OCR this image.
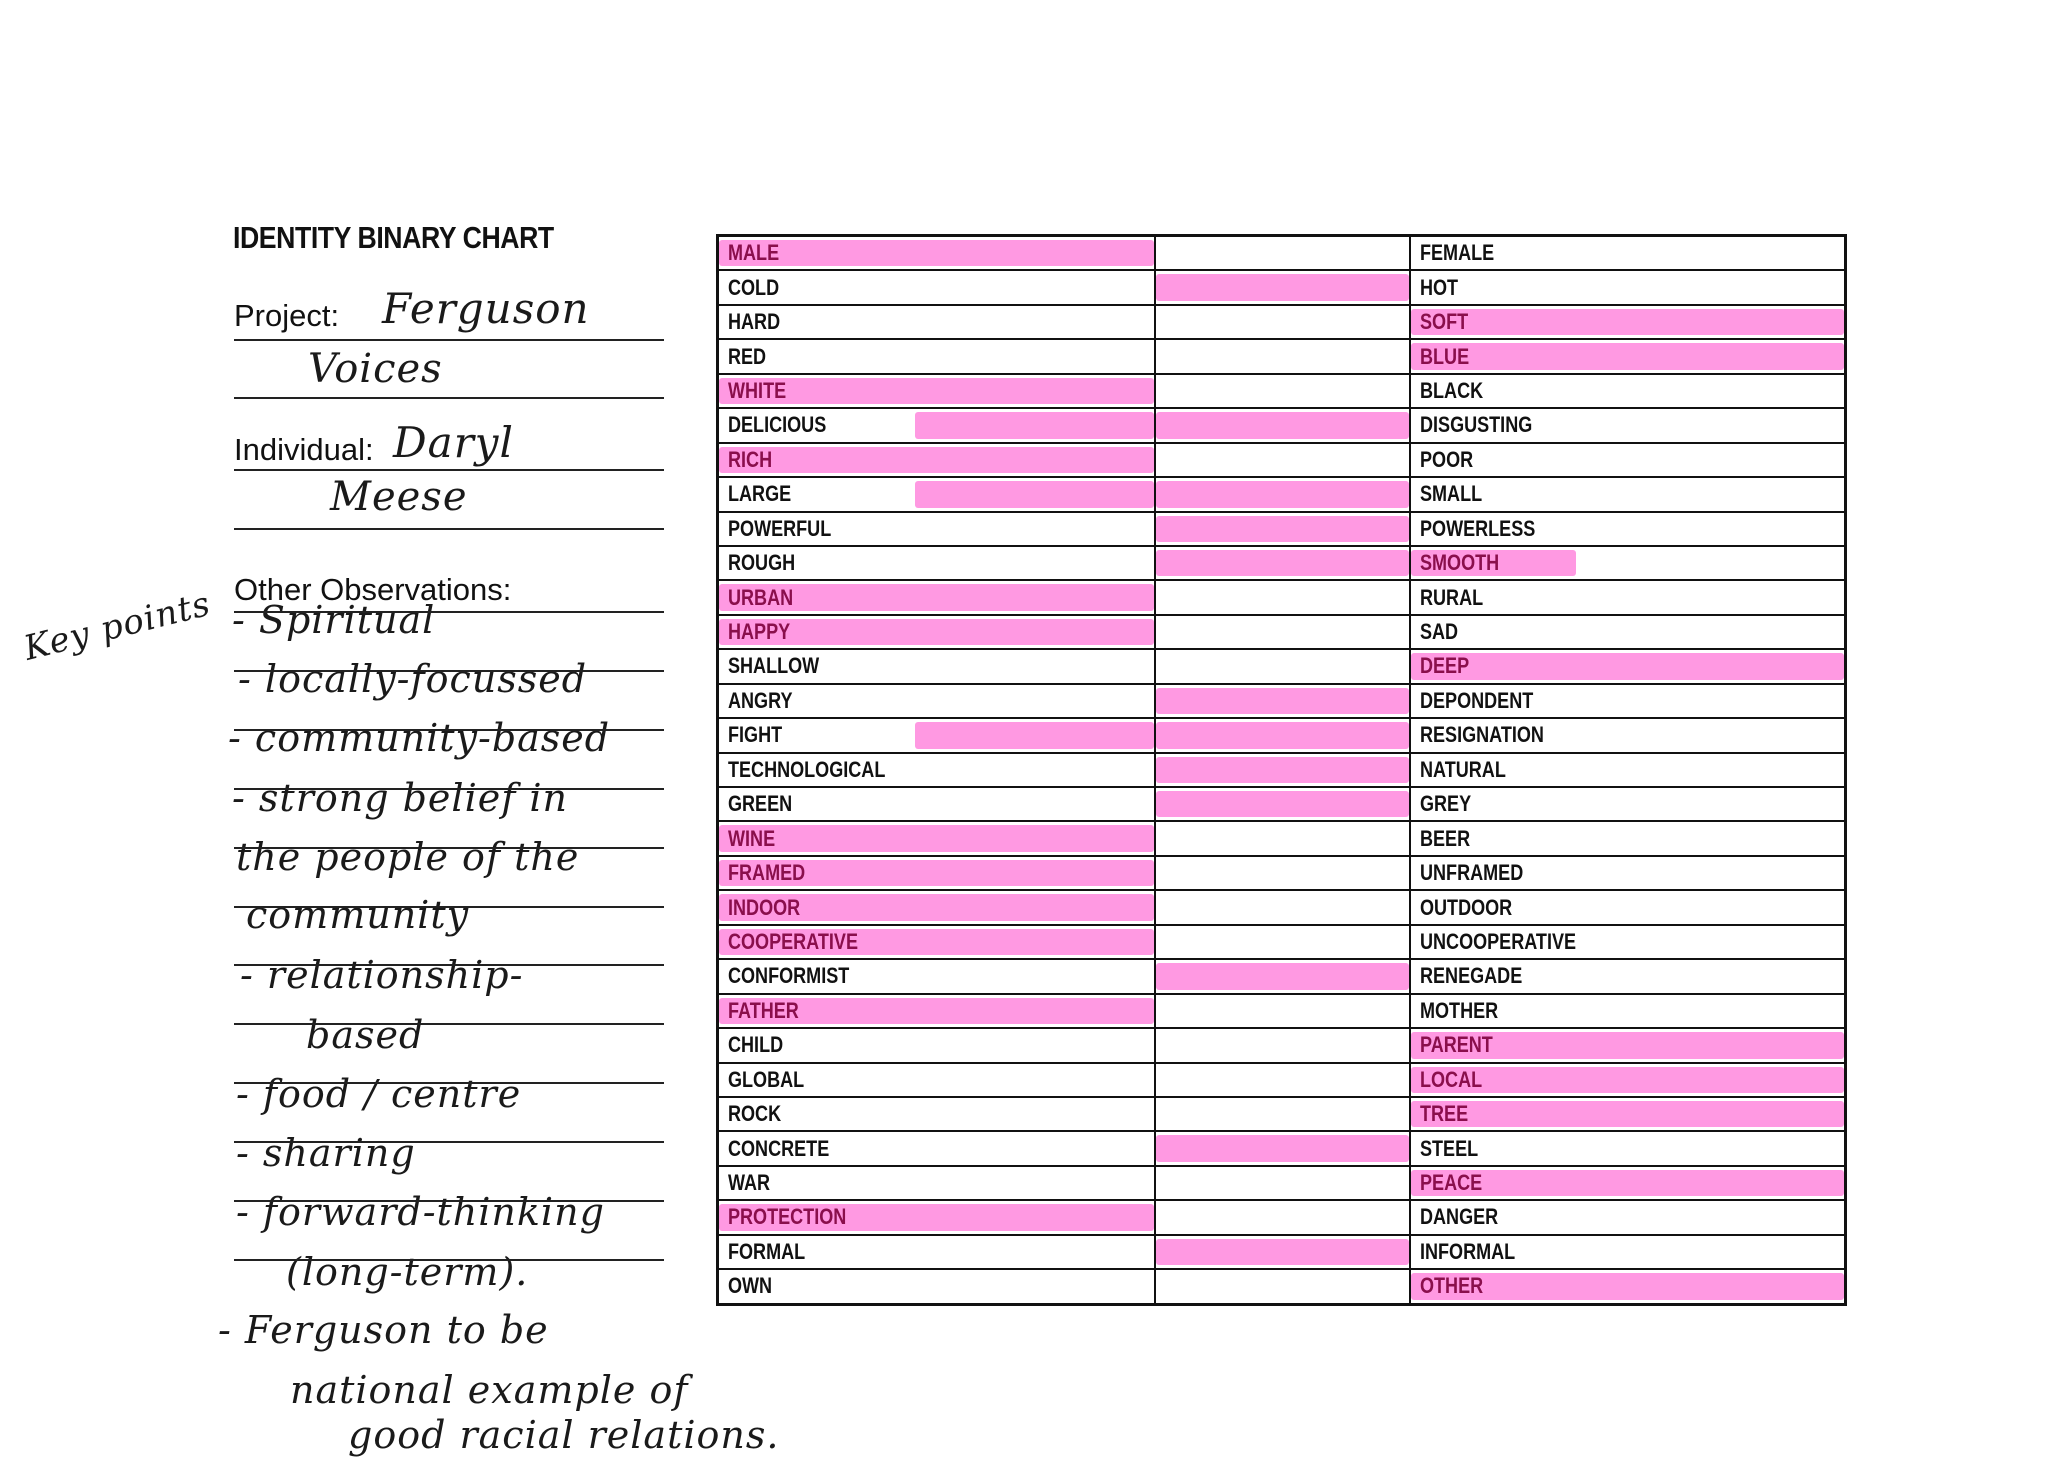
IDENTITY BINARY CHART
Project: Ferguson
Voices
Individual: Daryl
Meese
Other Observations:
Key points - Spiritual
- locally-focussed
- community-based
- strong belief in
the people of the
community
- relationship-
based
- food / centre
- sharing
- forward-thinking
(long-term).
- Ferguson to be
national example of
good racial relations.
MALE		FEMALE

COLD		HOT

HARD		SOFT

RED		BLUE

WHITE		BLACK

DELICIOUS		DISGUSTING

RICH		POOR

LARGE		SMALL

POWERFUL		POWERLESS

ROUGH		SMOOTH

URBAN		RURAL

HAPPY		SAD

SHALLOW		DEEP

ANGRY		DEPONDENT

FIGHT		RESIGNATION

TECHNOLOGICAL		NATURAL

GREEN		GREY

WINE		BEER

FRAMED		UNFRAMED

INDOOR		OUTDOOR

COOPERATIVE		UNCOOPERATIVE

CONFORMIST		RENEGADE

FATHER		MOTHER

CHILD		PARENT

GLOBAL		LOCAL

ROCK		TREE

CONCRETE		STEEL

WAR		PEACE

PROTECTION		DANGER

FORMAL		INFORMAL

OWN		OTHER
